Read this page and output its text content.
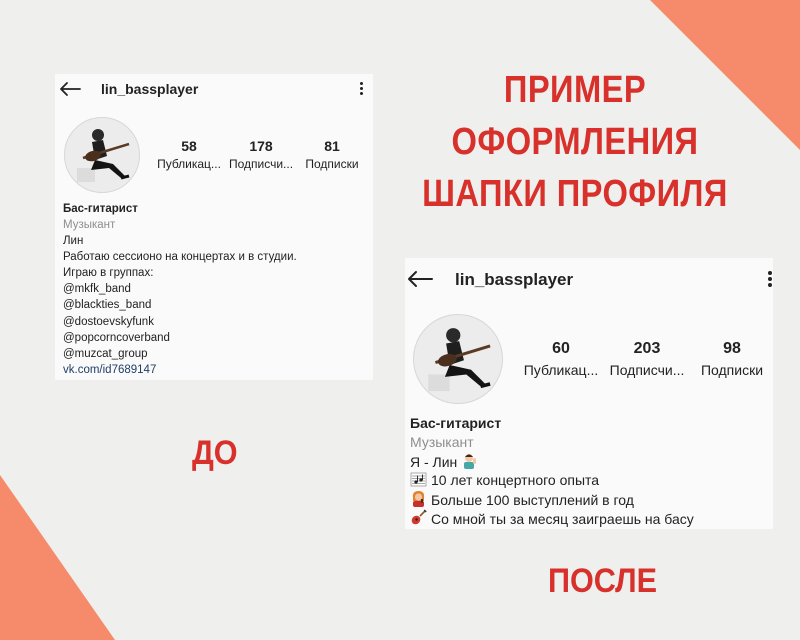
ПРИМЕР ОФОРМЛЕНИЯ
ШАПКИ ПРОФИЛЯ
ДО
ПОСЛЕ
lin_bassplayer
58
Публикац...
178
Подписчи...
81
Подписки
Бас-гитарист
Музыкант
Лин
Работаю сессионо на концертах и в студии.
Играю в группах:
@mkfk_band
@blackties_band
@dostoevskyfunk
@popcorncoverband
@muzcat_group
vk.com/id7689147
lin_bassplayer
60
Публикац...
203
Подписчи...
98
Подписки
Бас-гитарист
Музыкант
Я - Лин
10 лет концертного опыта
Больше 100 выступлений в год
Со мной ты за месяц заиграешь на басу
